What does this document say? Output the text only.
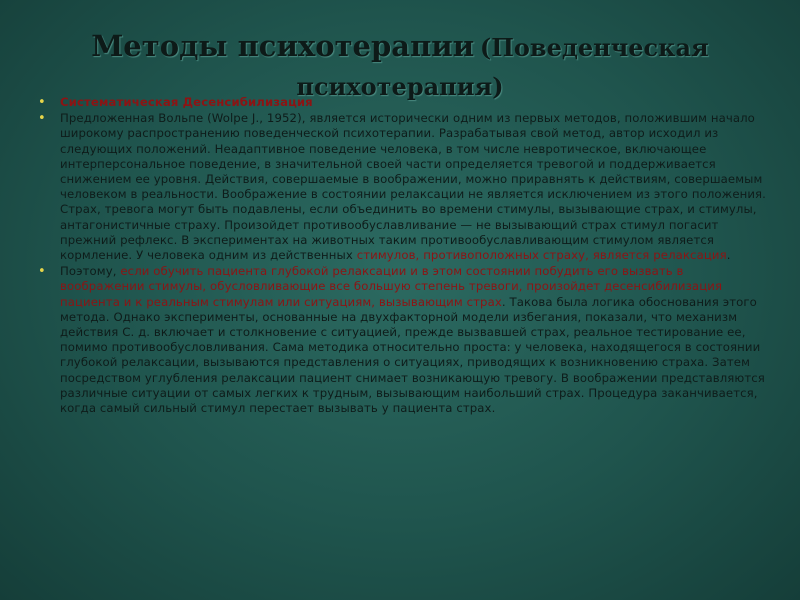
Методы психотерапии (Поведенческая
психотерапия)
• Систематическая Десенсибилизация
• Предложенная Вольпе (Wolpe J., 1952), является исторически одним из первых методов, положившим начало широкому распространению поведенческой психотерапии. Разрабатывая свой метод, автор исходил из следующих положений. Неадаптивное поведение человека, в том числе невротическое, включающее интерперсональное поведение, в значительной своей части определяется тревогой и поддерживается снижением ее уровня. Действия, совершаемые в воображении, можно приравнять к действиям, совершаемым человеком в реальности. Воображение в состоянии релаксации не является исключением из этого положения. Страх, тревога могут быть подавлены, если объединить во времени стимулы, вызывающие страх, и стимулы, антагонистичные страху. Произойдет противообуславливание — не вызывающий страх стимул погасит прежний рефлекс. В экспериментах на животных таким противообуславливающим стимулом является кормление. У человека одним из действенных стимулов, противоположных страху, является релаксация.
• Поэтому, если обучить пациента глубокой релаксации и в этом состоянии побудить его вызвать в воображении стимулы, обусловливающие все большую степень тревоги, произойдет десенсибилизация пациента и к реальным стимулам или ситуациям, вызывающим страх. Такова была логика обоснования этого метода. Однако эксперименты, основанные на двухфакторной модели избегания, показали, что механизм действия С. д. включает и столкновение с ситуацией, прежде вызвавшей страх, реальное тестирование ее, помимо противообусловливания. Сама методика относительно проста: у человека, находящегося в состоянии глубокой релаксации, вызываются представления о ситуациях, приводящих к возникновению страха. Затем посредством углубления релаксации пациент снимает возникающую тревогу. В воображении представляются различные ситуации от самых легких к трудным, вызывающим наибольший страх. Процедура заканчивается, когда самый сильный стимул перестает вызывать у пациента страх.
